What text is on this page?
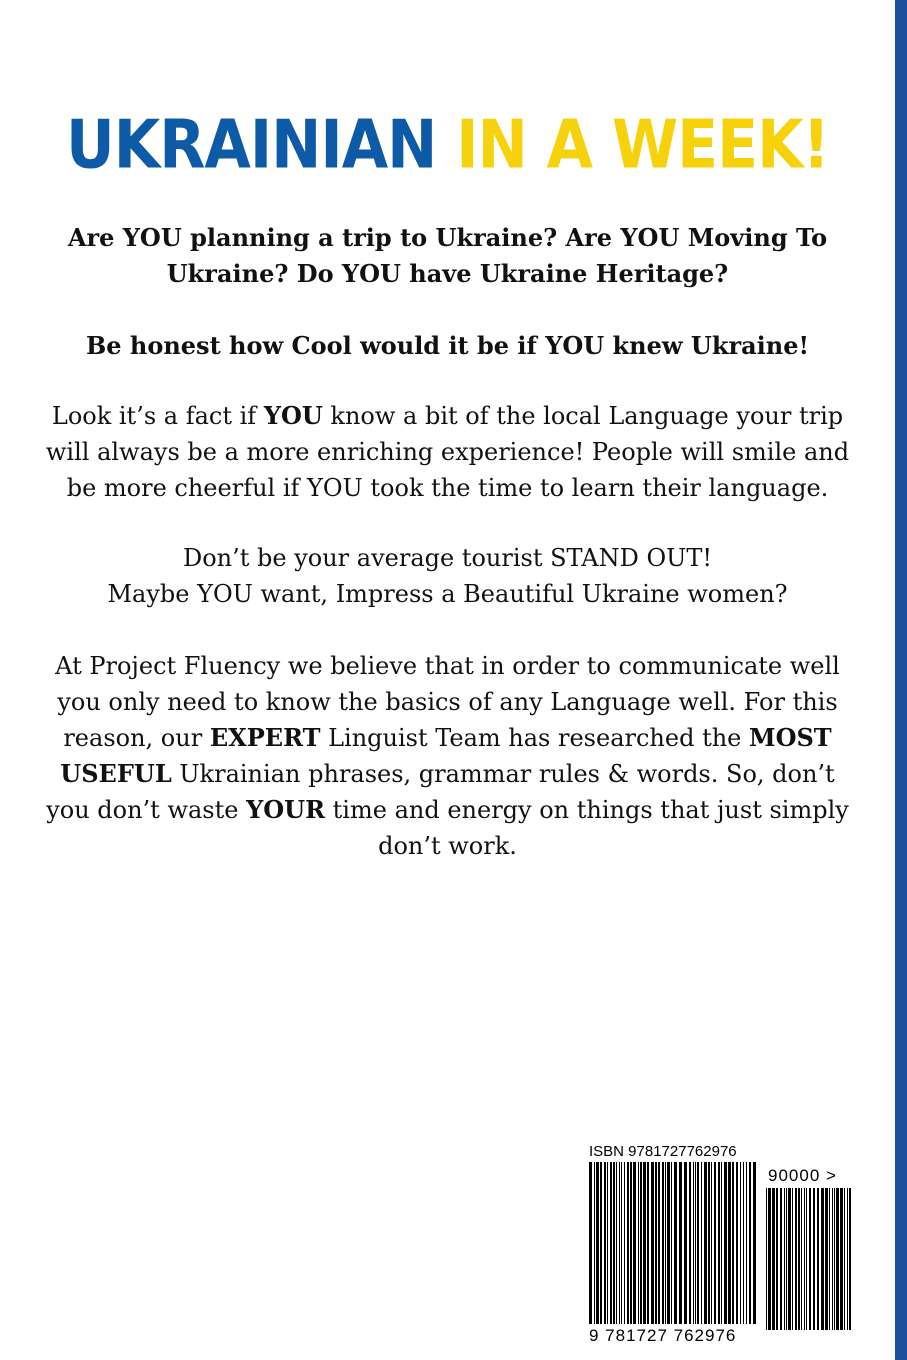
UKRAINIAN IN A WEEK!

Are YOU planning a trip to Ukraine? Are YOU Moving To Ukraine? Do YOU have Ukraine Heritage?

Be honest how Cool would it be if YOU knew Ukraine!

Look it’s a fact if YOU know a bit of the local Language your trip will always be a more enriching experience! People will smile and be more cheerful if YOU took the time to learn their language.

Don’t be your average tourist STAND OUT!
Maybe YOU want, Impress a Beautiful Ukraine women?

At Project Fluency we believe that in order to communicate well you only need to know the basics of any Language well. For this reason, our EXPERT Linguist Team has researched the MOST USEFUL Ukrainian phrases, grammar rules & words. So, don’t you don’t waste YOUR time and energy on things that just simply don’t work.

ISBN 9781727762976
90000 >
9 781727 762976
